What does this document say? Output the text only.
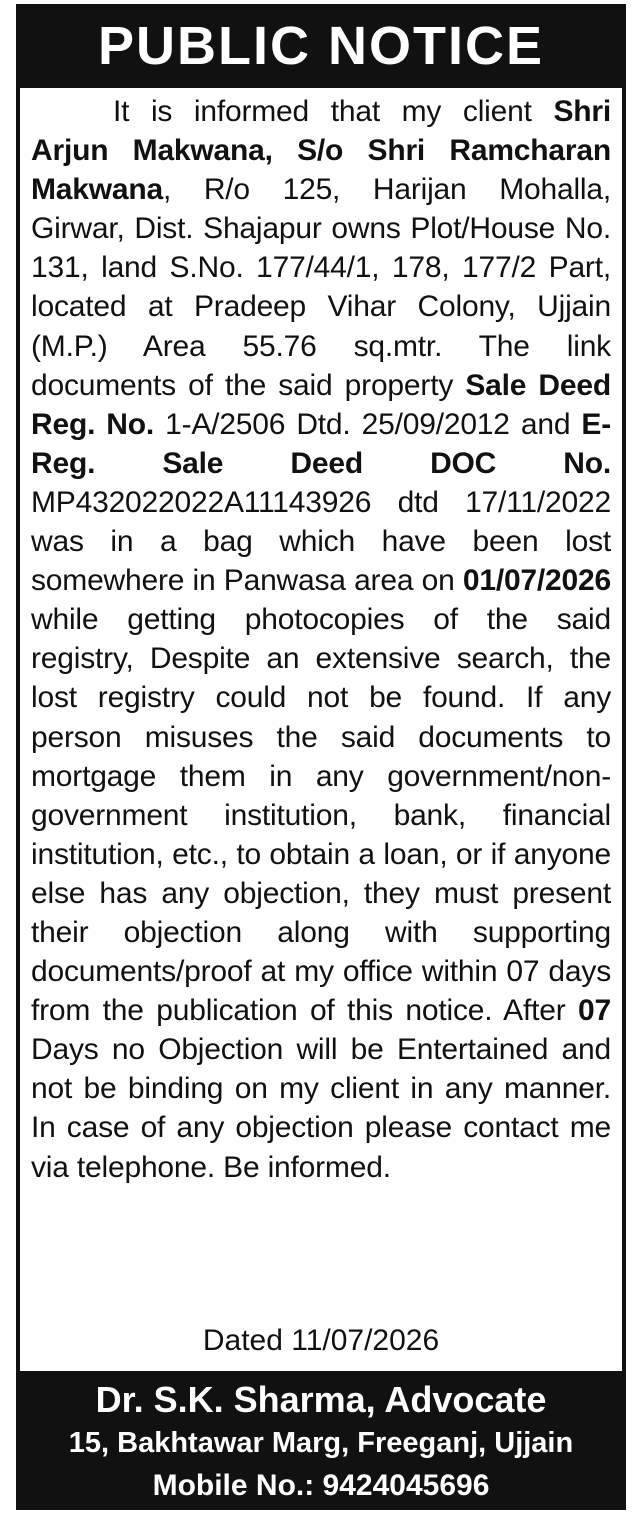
PUBLIC NOTICE

It is informed that my client Shri Arjun Makwana, S/o Shri Ramcharan Makwana, R/o 125, Harijan Mohalla, Girwar, Dist. Shajapur owns Plot/House No. 131, land S.No. 177/44/1, 178, 177/2 Part, located at Pradeep Vihar Colony, Ujjain (M.P.) Area 55.76 sq.mtr. The link documents of the said property Sale Deed Reg. No. 1-A/2506 Dtd. 25/09/2012 and E-Reg. Sale Deed DOC No. MP432022022A11143926 dtd 17/11/2022 was in a bag which have been lost somewhere in Panwasa area on 01/07/2026 while getting photocopies of the said registry, Despite an extensive search, the lost registry could not be found. If any person misuses the said documents to mortgage them in any government/non-government institution, bank, financial institution, etc., to obtain a loan, or if anyone else has any objection, they must present their objection along with supporting documents/proof at my office within 07 days from the publication of this notice. After 07 Days no Objection will be Entertained and not be binding on my client in any manner. In case of any objection please contact me via telephone. Be informed.

Dated 11/07/2026
Dr. S.K. Sharma, Advocate
15, Bakhtawar Marg, Freeganj, Ujjain
Mobile No.: 9424045696
